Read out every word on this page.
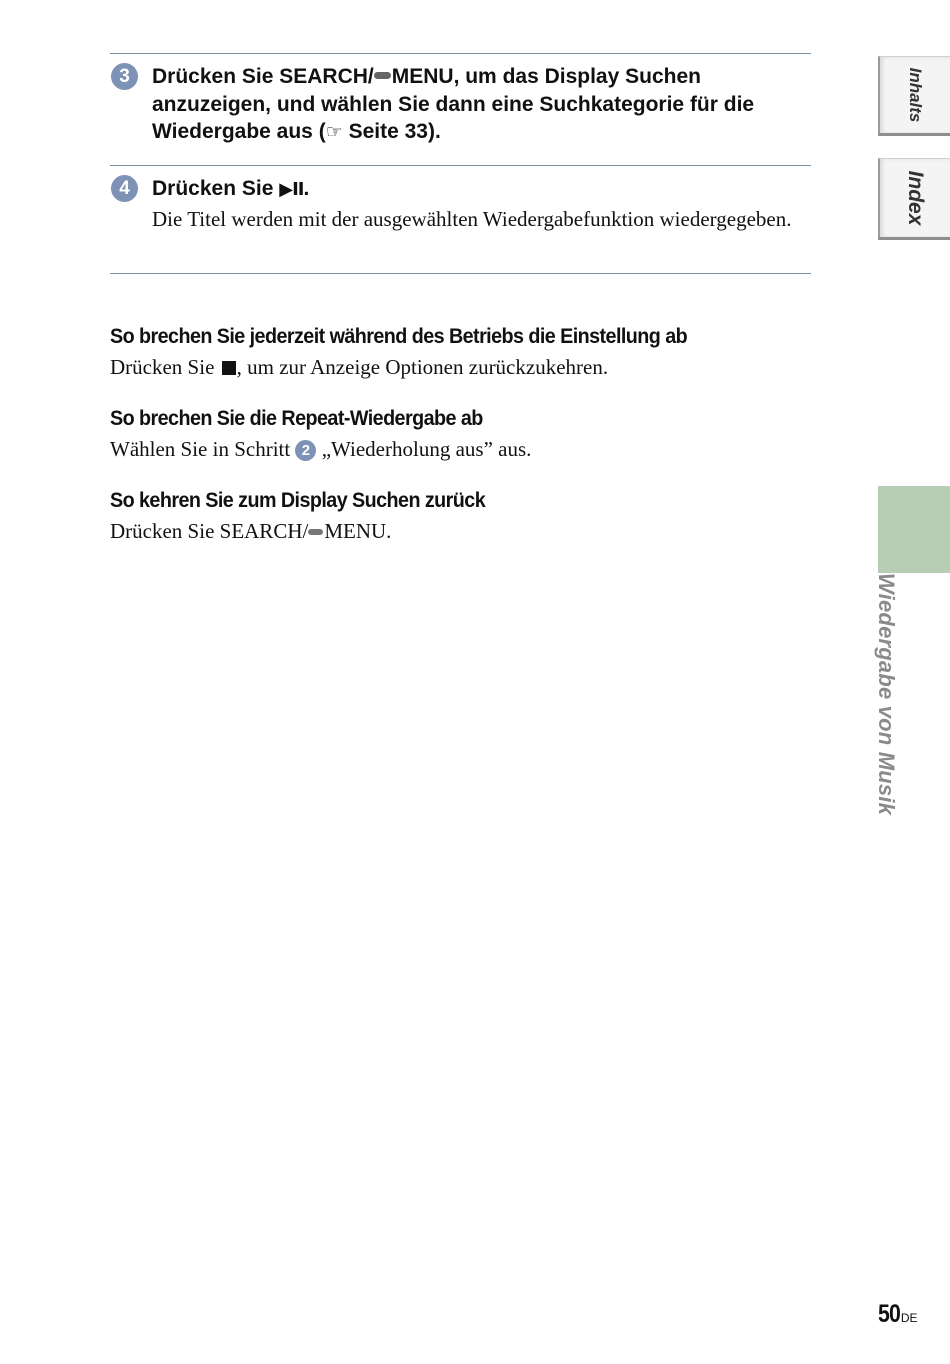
3	Drücken Sie SEARCH/ MENU, um das Display Suchen anzuzeigen, und wählen Sie dann eine Suchkategorie für die Wiedergabe aus (☞ Seite 33).
4	Drücken Sie ▶II.
Die Titel werden mit der ausgewählten Wiedergabefunktion wiedergegeben.
So brechen Sie jederzeit während des Betriebs die Einstellung ab
Drücken Sie , um zur Anzeige Optionen zurückzukehren.
So brechen Sie die Repeat-Wiedergabe ab
Wählen Sie in Schritt 2 „Wiederholung aus” aus.
So kehren Sie zum Display Suchen zurück
Drücken Sie SEARCH/ MENU.
Inhalts
Index
Wiedergabe von Musik
50DE
